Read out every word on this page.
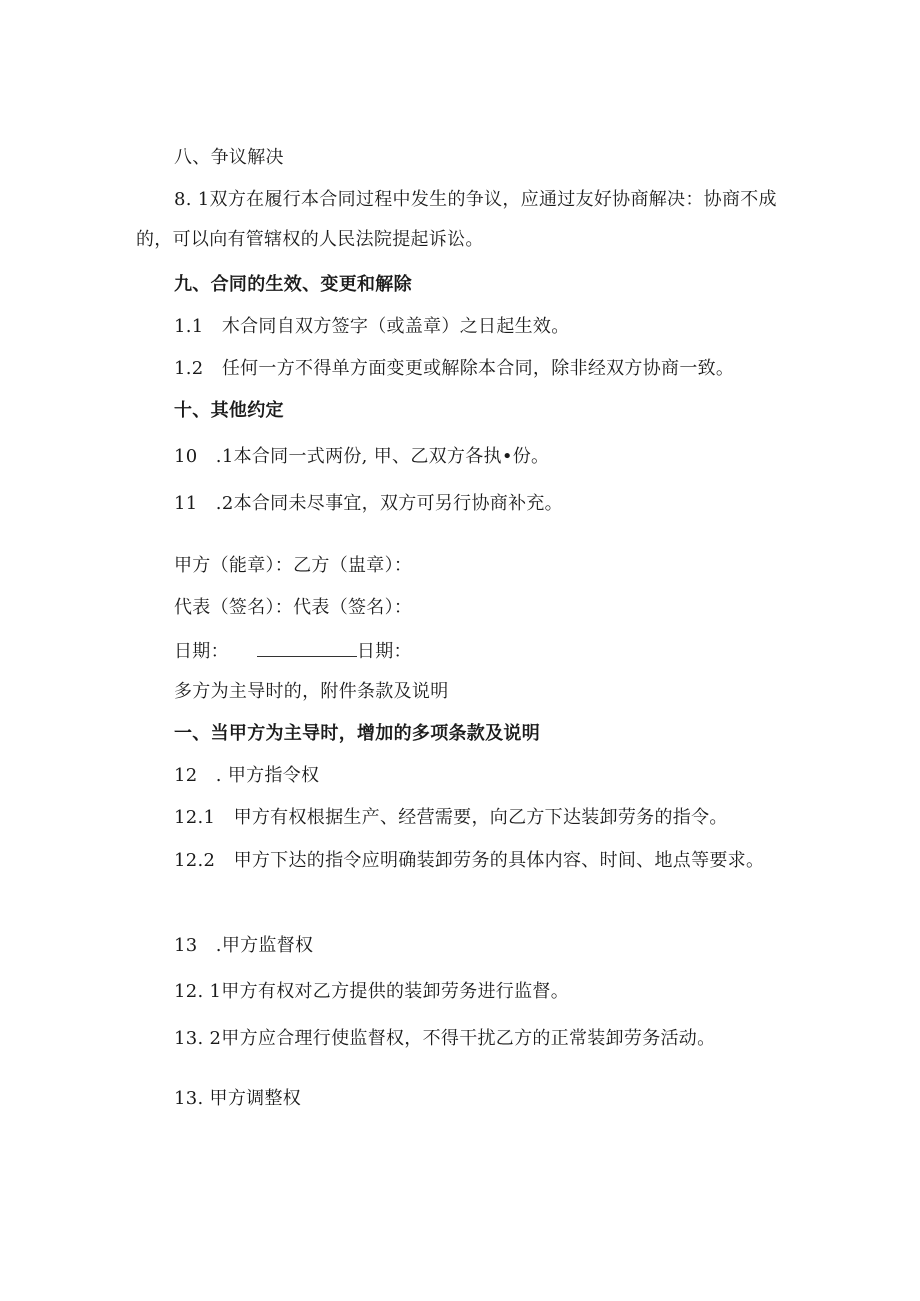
八、争议解决
8. 1双方在履行本合同过程中发生的争议，应通过友好协商解决：协商不成的，可以向有管辖权的人民法院提起诉讼。
九、合同的生效、变更和解除
1.1　木合同自双方签字（或盖章）之日起生效。
1.2　任何一方不得单方面变更或解除本合同，除非经双方协商一致。
十、其他约定
10　.1本合同一式两份, 甲、乙双方各执•份。
11　.2本合同未尽事宜，双方可另行协商补充。
甲方（能章）：乙方（盅章）：
代表（签名）：代表（签名）：
日期：	日期：
多方为主导时的，附件条款及说明
一、当甲方为主导时，增加的多项条款及说明
12　. 甲方指令权
12.1　甲方有权根据生产、经营需要，向乙方下达装卸劳务的指令。
12.2　甲方下达的指令应明确装卸劳务的具体内容、时间、地点等要求。
13　.甲方监督权
12. 1甲方有权对乙方提供的装卸劳务进行监督。
13. 2甲方应合理行使监督权，不得干扰乙方的正常装卸劳务活动。
13. 甲方调整权
